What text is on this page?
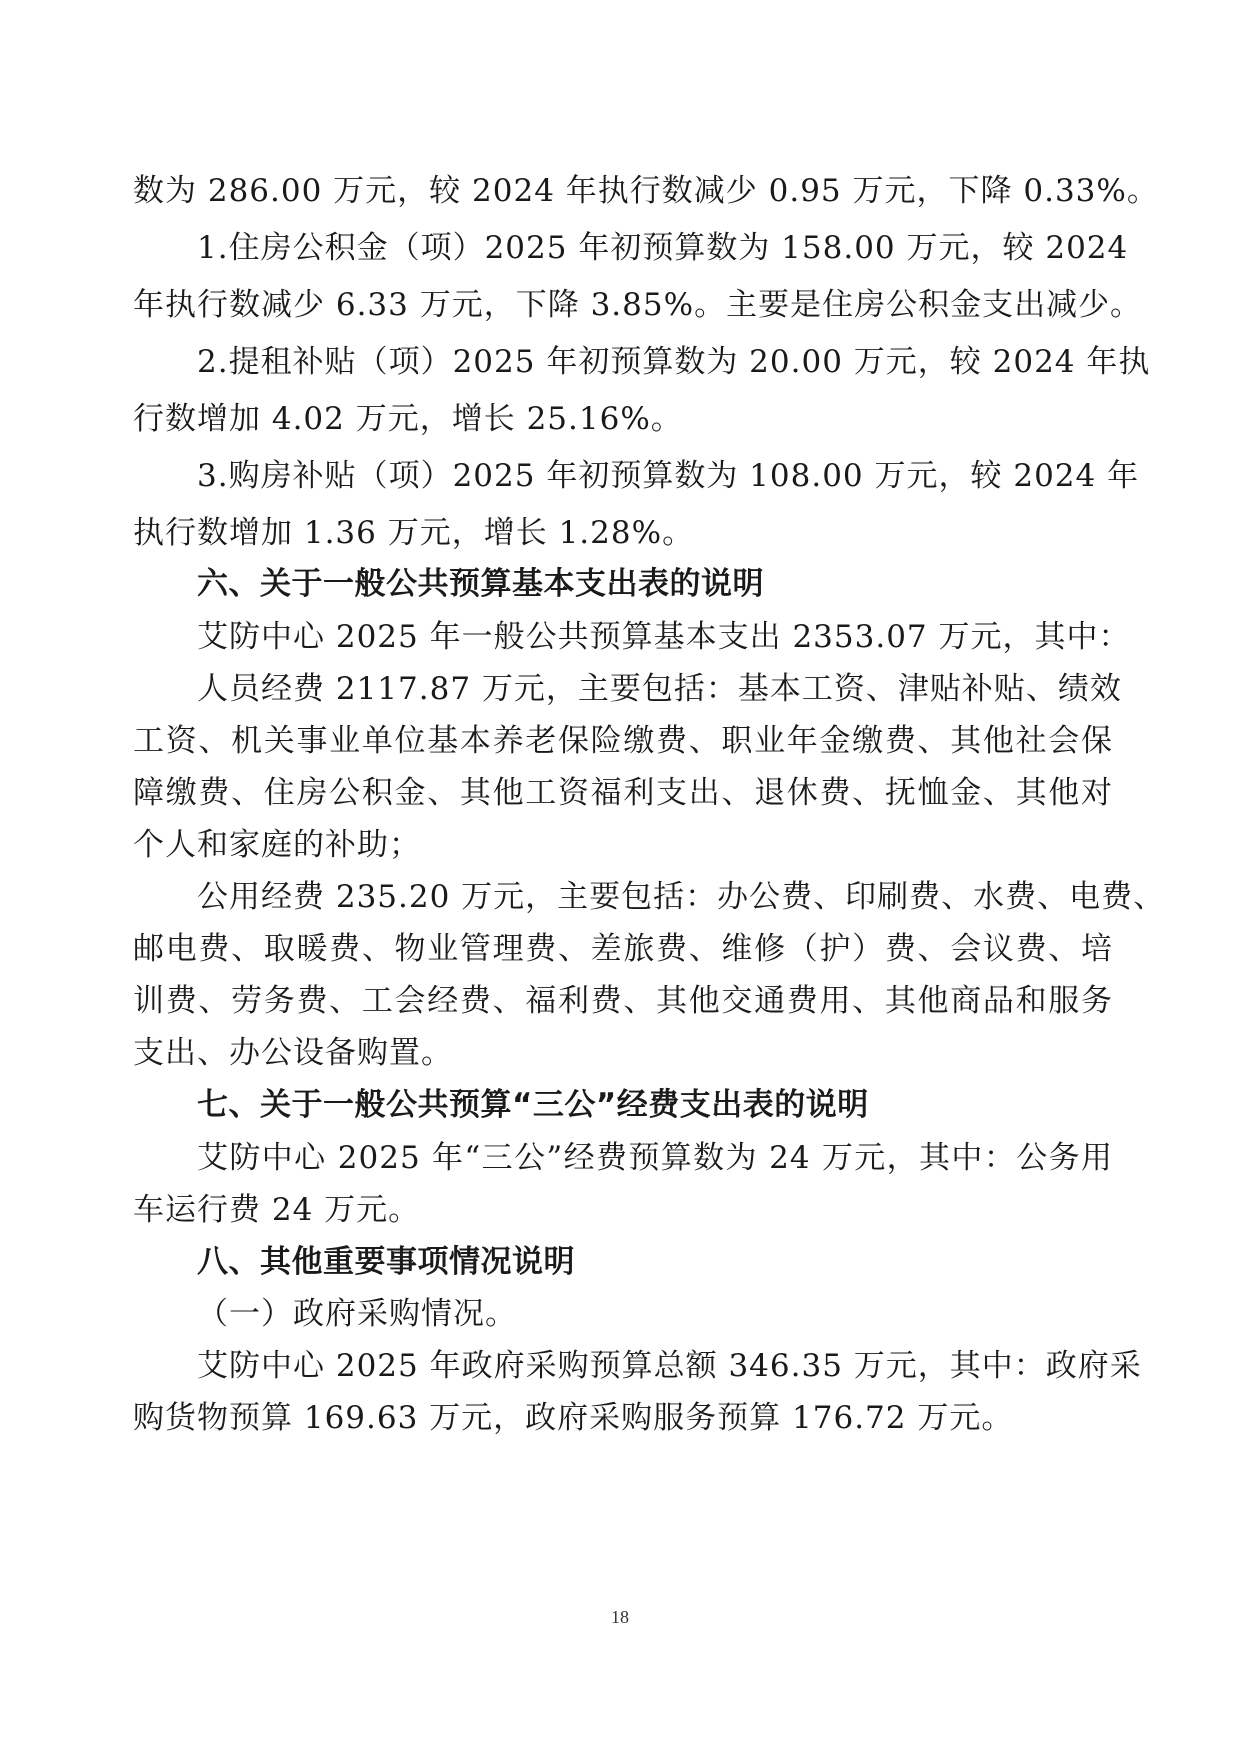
数为 286.00 万元，较 2024 年执行数减少 0.95 万元，下降 0.33%。
1.住房公积金（项）2025 年初预算数为 158.00 万元，较 2024
年执行数减少 6.33 万元，下降 3.85%。主要是住房公积金支出减少。
2.提租补贴（项）2025 年初预算数为 20.00 万元，较 2024 年执
行数增加 4.02 万元，增长 25.16%。
3.购房补贴（项）2025 年初预算数为 108.00 万元，较 2024 年
执行数增加 1.36 万元，增长 1.28%。
六、关于一般公共预算基本支出表的说明
艾防中心 2025 年一般公共预算基本支出 2353.07 万元，其中：
人员经费 2117.87 万元，主要包括：基本工资、津贴补贴、绩效
工资、机关事业单位基本养老保险缴费、职业年金缴费、其他社会保
障缴费、住房公积金、其他工资福利支出、退休费、抚恤金、其他对
个人和家庭的补助；
公用经费 235.20 万元，主要包括：办公费、印刷费、水费、电费、
邮电费、取暖费、物业管理费、差旅费、维修（护）费、会议费、培
训费、劳务费、工会经费、福利费、其他交通费用、其他商品和服务
支出、办公设备购置。
七、关于一般公共预算“三公”经费支出表的说明
艾防中心 2025 年“三公”经费预算数为 24 万元，其中：公务用
车运行费 24 万元。
八、其他重要事项情况说明
（一）政府采购情况。
艾防中心 2025 年政府采购预算总额 346.35 万元，其中：政府采
购货物预算 169.63 万元，政府采购服务预算 176.72 万元。
18
